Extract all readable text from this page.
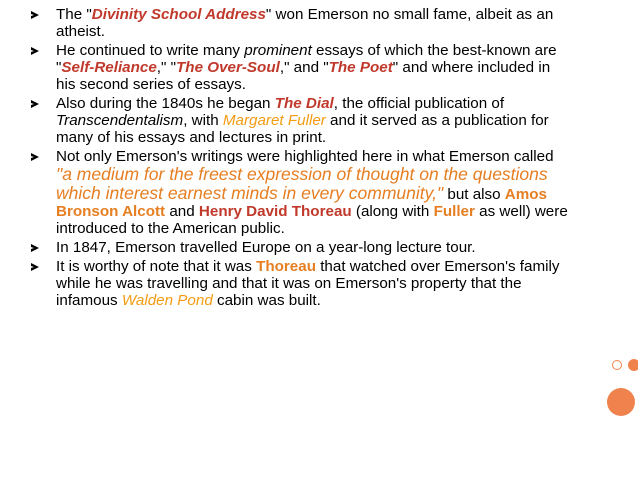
The "Divinity School Address" won Emerson no small fame, albeit as an atheist.
He continued to write many prominent essays of which the best-known are "Self-Reliance," "The Over-Soul," and "The Poet" and where included in his second series of essays.
Also during the 1840s he began The Dial, the official publication of Transcendentalism, with Margaret Fuller and it served as a publication for many of his essays and lectures in print.
Not only Emerson's writings were highlighted here in what Emerson called "a medium for the freest expression of thought on the questions which interest earnest minds in every community," but also Amos Bronson Alcott and Henry David Thoreau (along with Fuller as well) were introduced to the American public.
In 1847, Emerson travelled Europe on a year-long lecture tour.
It is worthy of note that it was Thoreau that watched over Emerson's family while he was travelling and that it was on Emerson's property that the infamous Walden Pond cabin was built.
